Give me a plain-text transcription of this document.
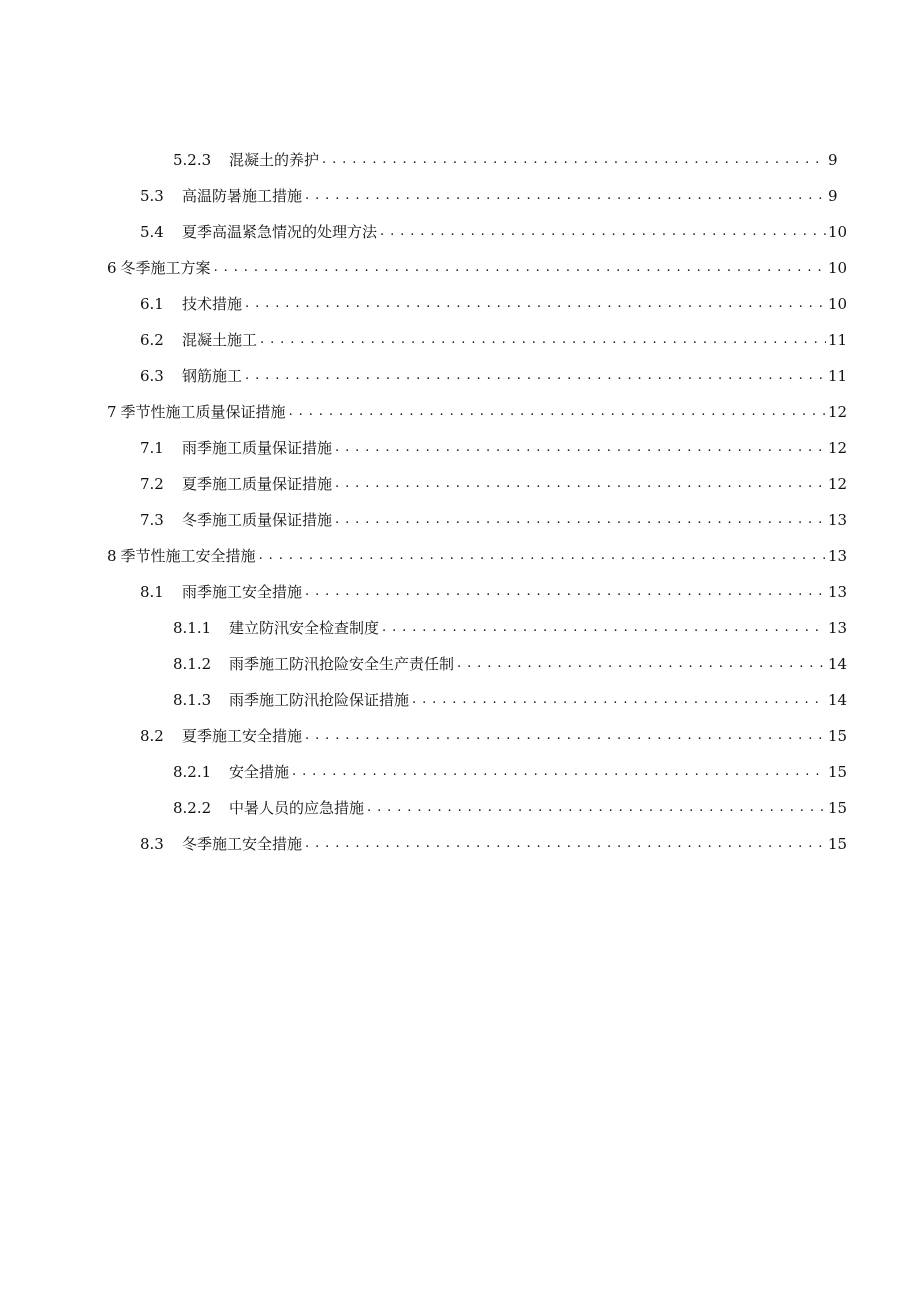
5.2.3	混凝土的养护 . . .	9
5.3	高温防暑施工措施 . . .	9
5.4	夏季高温紧急情况的处理方法 . . .	10
6 冬季施工方案 . . .	10
6.1	技术措施 . . .	10
6.2	混凝土施工 . . .	11
6.3	钢筋施工 . . .	11
7 季节性施工质量保证措施 . . .	12
7.1	雨季施工质量保证措施 . . .	12
7.2	夏季施工质量保证措施 . . .	12
7.3	冬季施工质量保证措施 . . .	13
8 季节性施工安全措施 . . .	13
8.1	雨季施工安全措施 . . .	13
8.1.1	建立防汛安全检查制度 . . .	13
8.1.2	雨季施工防汛抢险安全生产责任制 . . .	14
8.1.3	雨季施工防汛抢险保证措施 . . .	14
8.2	夏季施工安全措施 . . .	15
8.2.1	安全措施 . . .	15
8.2.2	中暑人员的应急措施 . . .	15
8.3	冬季施工安全措施 . . .	15
